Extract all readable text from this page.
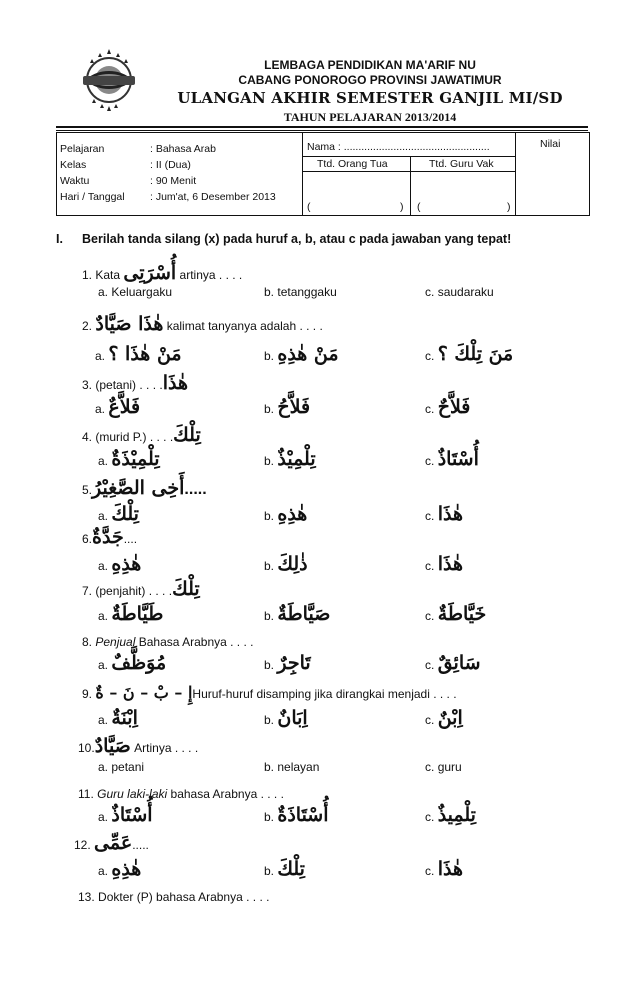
LEMBAGA PENDIDIKAN MA'ARIF NU
CABANG PONOROGO PROVINSI JAWATIMUR
ULANGAN AKHIR SEMESTER GANJIL MI/SD
TAHUN PELAJARAN 2013/2014
Pelajaran	: Bahasa Arab
Kelas	: II (Dua)
Waktu	: 90 Menit
Hari / Tanggal	: Jum'at, 6 Desember 2013
Nama : ..................................................
Ttd. Orang Tua	Ttd. Guru Vak
(	) (	)
Nilai
I. Berilah tanda silang (x) pada huruf a, b, atau c pada jawaban yang tepat!
1. Kata أُسْرَتِى artinya . . . .
a. Keluargaku	b. tetanggaku	c. saudaraku
2. هٰذَا صَيَّادٌ kalimat tanyanya adalah . . . .
a. مَنْ هٰذَا ؟	b. مَنْ هٰذِهِ	c. مَنَ تِلْكَ ؟
3. (petani) . . . .هٰذَا
a. فَلاَّعٌ	b. فَلاَّحُ	c. فَلاَّحٌ
4. (murid P.) . . . .تِلْكَ
a. تِلْمِيْذَةٌ	b. تِلْمِيْذٌ	c. أُسْتَاذٌ
5.أَخِى الصَّغِيْرُ.....
a. تِلْكَ	b. هٰذِهِ	c. هٰذَا
6.جَدَّةٌ....
a. هٰذِهِ	b. ذٰلِكَ	c. هٰذَا
7. (penjahit) . . . .تِلْكَ
a. طَيَّاطَةٌ	b. صَيَّاطَةٌ	c. خَيَّاطَةٌ
8. Penjual Bahasa Arabnya . . . .
a. مُوَظَّفٌ	b. تَاجِرٌ	c. سَائِقٌ
9. إِ – بْ – نَ – ةٌHuruf-huruf disamping jika dirangkai menjadi . . . .
a. اِبْنَةٌ	b. اِبَانٌ	c. اِبْنٌ
10.صَيَّادٌ Artinya . . . .
a. petani	b. nelayan	c. guru
11. Guru laki-laki bahasa Arabnya . . . .
a. أُسْتَاذٌ	b. أُسْتَاذَةٌ	c. تِلْمِيذٌ
12. عَمِّى.....
a. هٰذِهِ	b. تِلْكَ	c. هٰذَا
13. Dokter (P) bahasa Arabnya . . . .
